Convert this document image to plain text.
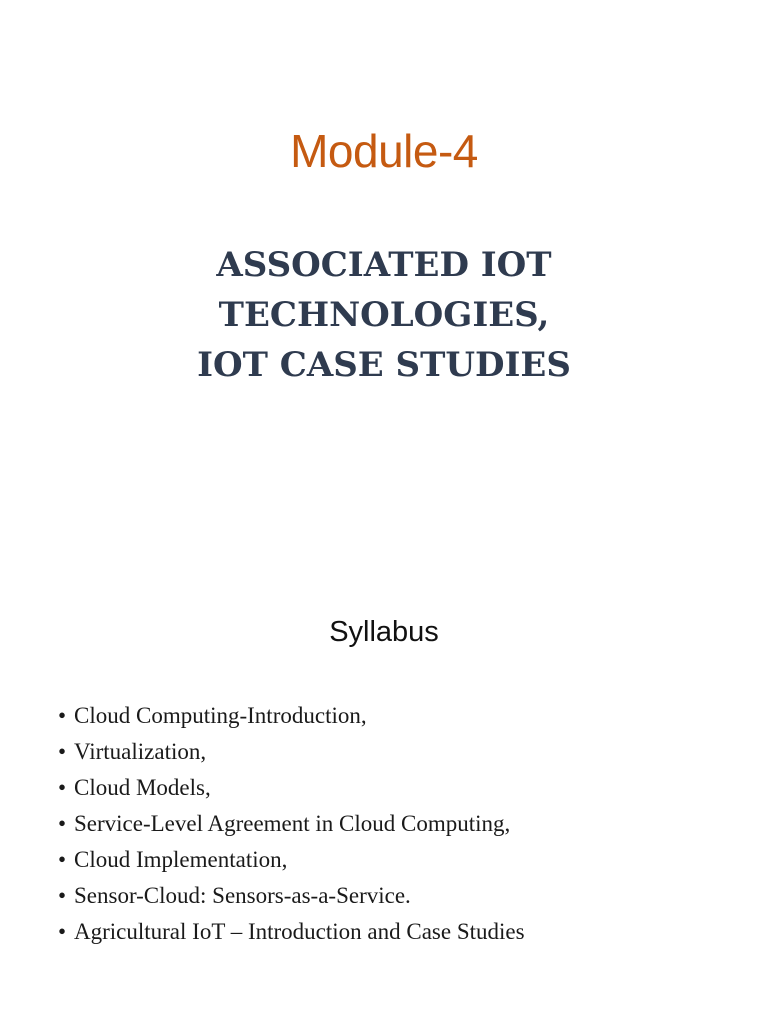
Module-4
ASSOCIATED IOT
TECHNOLOGIES,
IOT CASE STUDIES
Syllabus
• Cloud Computing-Introduction,
• Virtualization,
• Cloud Models,
• Service-Level Agreement in Cloud Computing,
• Cloud Implementation,
• Sensor-Cloud: Sensors-as-a-Service.
• Agricultural IoT – Introduction and Case Studies
